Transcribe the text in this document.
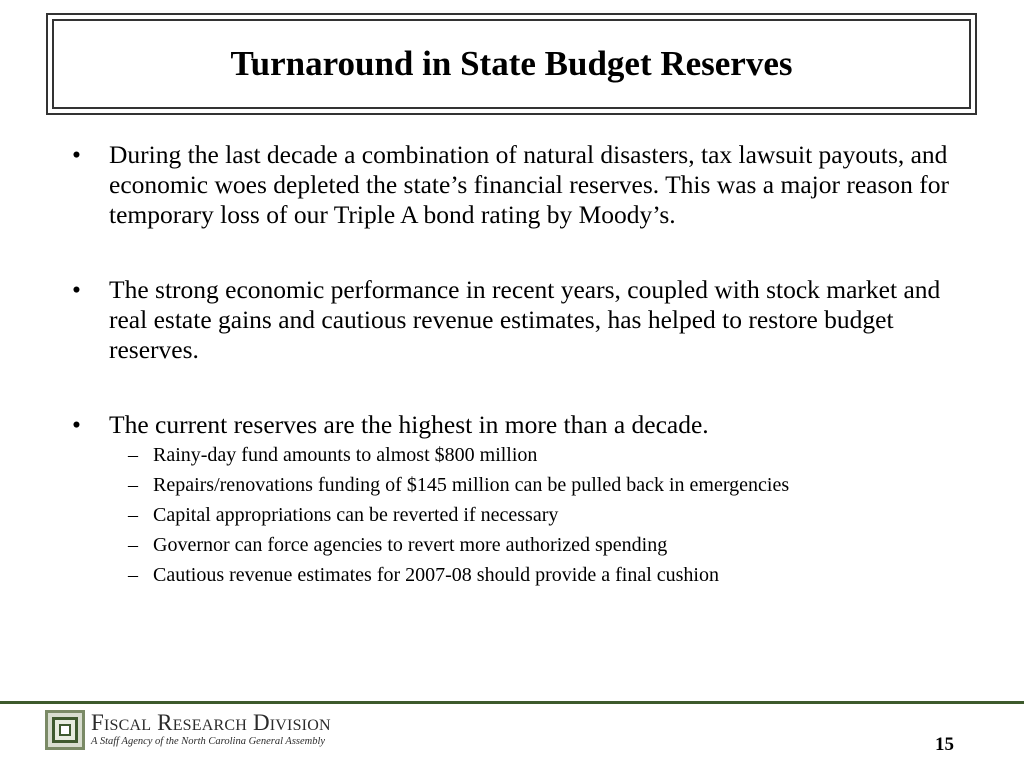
Turnaround in State Budget Reserves
• During the last decade a combination of natural disasters, tax lawsuit payouts, and economic woes depleted the state’s financial reserves. This was a major reason for temporary loss of our Triple A bond rating by Moody’s.
• The strong economic performance in recent years, coupled with stock market and real estate gains and cautious revenue estimates, has helped to restore budget reserves.
• The current reserves are the highest in more than a decade.
– Rainy-day fund amounts to almost $800 million
– Repairs/renovations funding of $145 million can be pulled back in emergencies
– Capital appropriations can be reverted if necessary
– Governor can force agencies to revert more authorized spending
– Cautious revenue estimates for 2007-08 should provide a final cushion
Fiscal Research Division
A Staff Agency of the North Carolina General Assembly	15
